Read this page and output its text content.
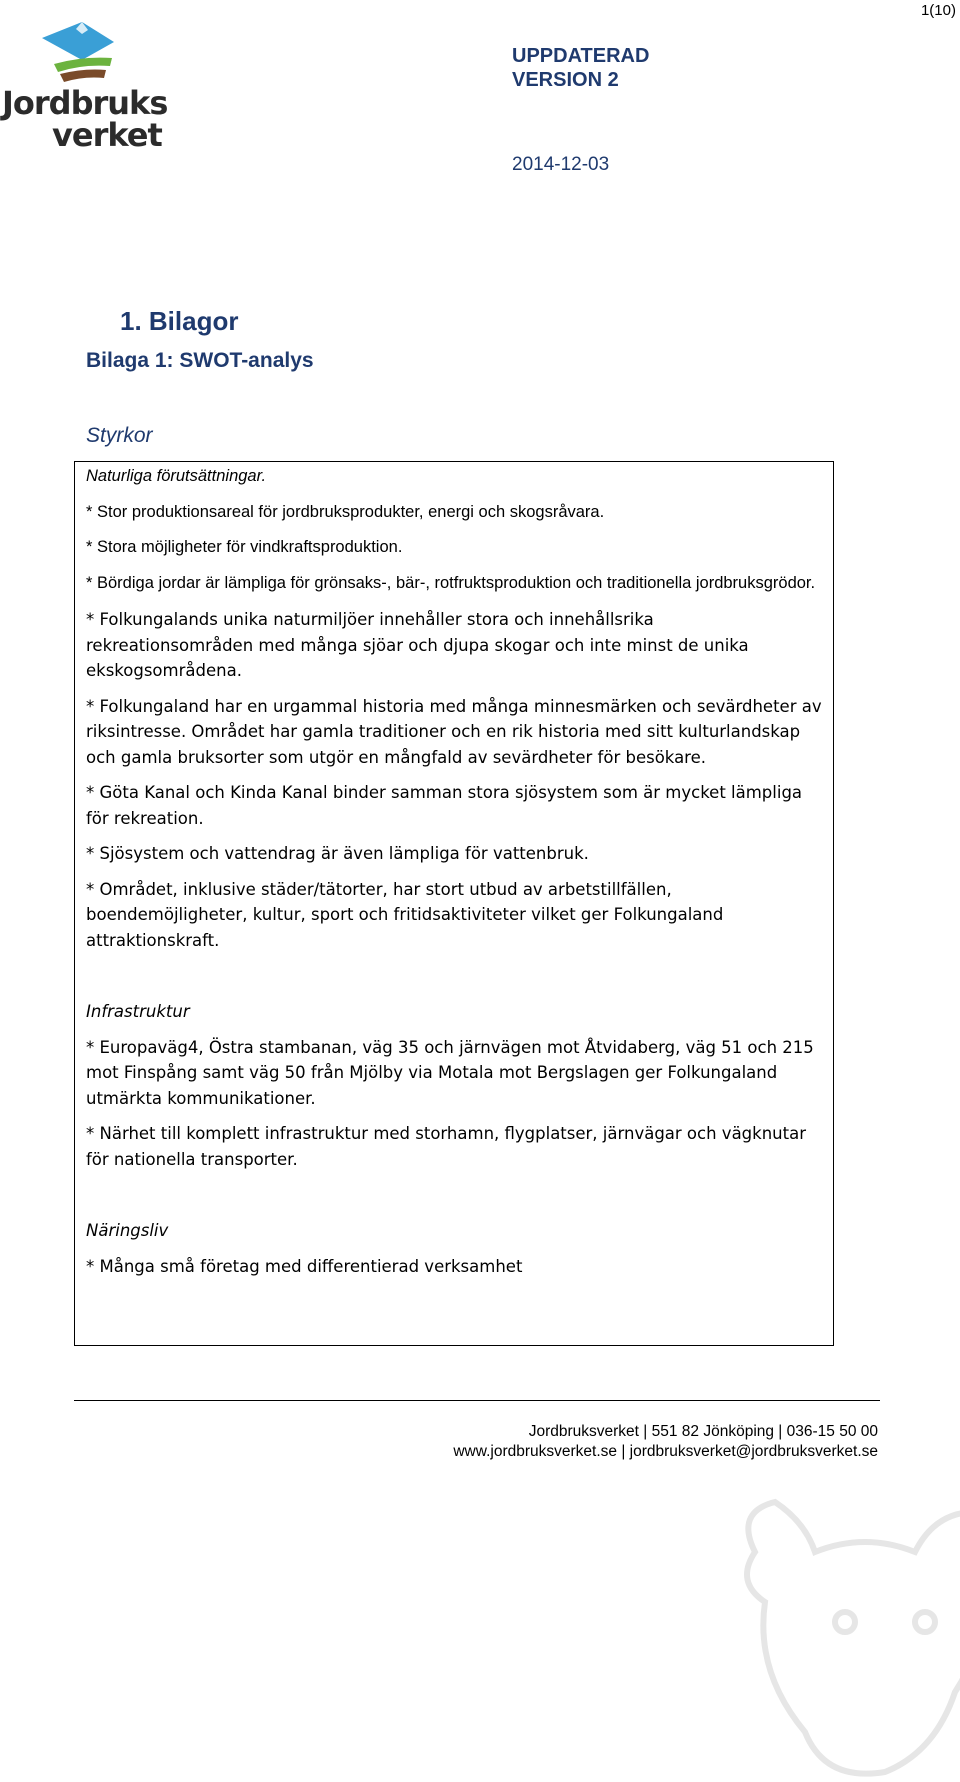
1(10)
Jordbruks
verket
UPPDATERAD
VERSION 2
2014-12-03
1. Bilagor
Bilaga 1: SWOT-analys
Styrkor

Naturliga förutsättningar.

* Stor produktionsareal för jordbruksprodukter, energi och skogsråvara.

* Stora möjligheter för vindkraftsproduktion.

* Bördiga jordar är lämpliga för grönsaks-, bär-, rotfruktsproduktion och traditionella jordbruksgrödor.

* Folkungalands unika naturmiljöer innehåller stora och innehållsrika rekreationsområden med många sjöar och djupa skogar och inte minst de unika ekskogsområdena.

* Folkungaland har en urgammal historia med många minnesmärken och sevärdheter av riksintresse. Området har gamla traditioner och en rik historia med sitt kulturlandskap och gamla bruksorter som utgör en mångfald av sevärdheter för besökare.

* Göta Kanal och Kinda Kanal binder samman stora sjösystem som är mycket lämpliga för rekreation.

* Sjösystem och vattendrag är även lämpliga för vattenbruk.

* Området, inklusive städer/tätorter, har stort utbud av arbetstillfällen, boendemöjligheter, kultur, sport och fritidsaktiviteter vilket ger Folkungaland attraktionskraft.

Infrastruktur

* Europaväg4, Östra stambanan, väg 35 och järnvägen mot Åtvidaberg, väg 51 och 215 mot Finspång samt väg 50 från Mjölby via Motala mot Bergslagen ger Folkungaland utmärkta kommunikationer.

* Närhet till komplett infrastruktur med storhamn, flygplatser, järnvägar och vägknutar för nationella transporter.

Näringsliv

* Många små företag med differentierad verksamhet

Jordbruksverket | 551 82 Jönköping | 036-15 50 00
www.jordbruksverket.se | jordbruksverket@jordbruksverket.se
